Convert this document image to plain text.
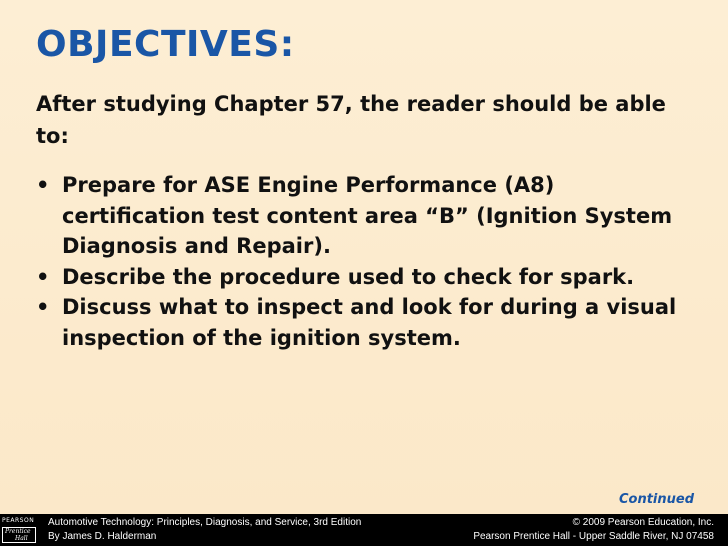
OBJECTIVES:
After studying Chapter 57, the reader should be able to:
• Prepare for ASE Engine Performance (A8) certification test content area “B” (Ignition System Diagnosis and Repair).
• Describe the procedure used to check for spark.
• Discuss what to inspect and look for during a visual inspection of the ignition system.
Continued
PEARSON
Prentice
Hall
Automotive Technology: Principles, Diagnosis, and Service, 3rd Edition
By James D. Halderman
© 2009 Pearson Education, Inc.
Pearson Prentice Hall - Upper Saddle River, NJ 07458
